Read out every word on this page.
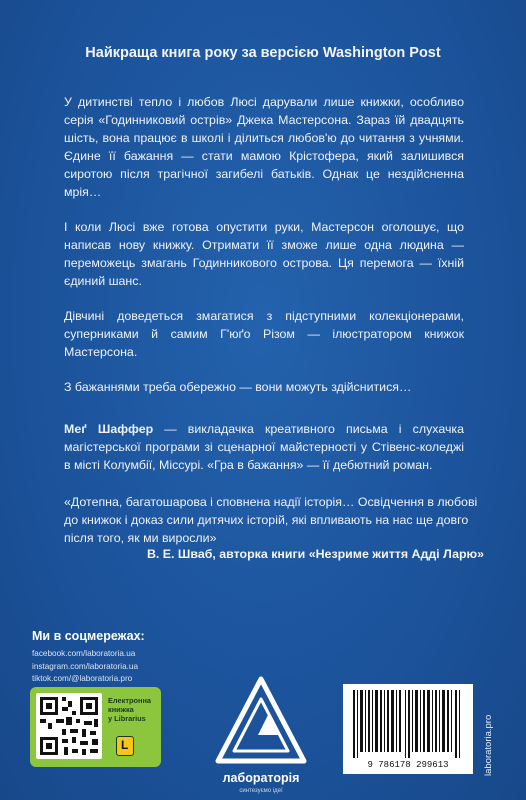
Найкраща книга року за версією Washington Post

У дитинстві тепло і любов Люсі дарували лише книжки, особливо серія «Годинниковий острів» Джека Мастерсона. Зараз їй двадцять шість, вона працює в школі і ділиться любов'ю до читання з учнями. Єдине її бажання — стати мамою Крістофера, який залишився сиротою після трагічної загибелі батьків. Однак це нездійсненна мрія…

І коли Люсі вже готова опустити руки, Мастерсон оголошує, що написав нову книжку. Отримати її зможе лише одна людина — переможець змагань Годинникового острова. Ця перемога — їхній єдиний шанс.

Дівчині доведеться змагатися з підступними колекціонерами, суперниками й самим Г'юґо Різом — ілюстратором книжок Мастерсона.

З бажаннями треба обережно — вони можуть здійснитися…

Меґ Шаффер — викладачка креативного письма і слухачка магістерської програми зі сценарної майстерності у Стівенс-коледжі в місті Колумбії, Міссурі. «Гра в бажання» — її дебютний роман.

«Дотепна, багатошарова і сповнена надії історія… Освідчення в любові до книжок і доказ сили дитячих історій, які впливають на нас ще довго після того, як ми виросли»
В. Е. Шваб, авторка книги «Незриме життя Адді Ларю»
Ми в соцмережах:
facebook.com/laboratoria.ua
instagram.com/laboratoria.ua
tiktok.com/@laboratoria.pro
Електронна
книжка
у Librarius
L
лабораторія
синтезуємо ідеї
9 786178 299613	laboratoria.pro
